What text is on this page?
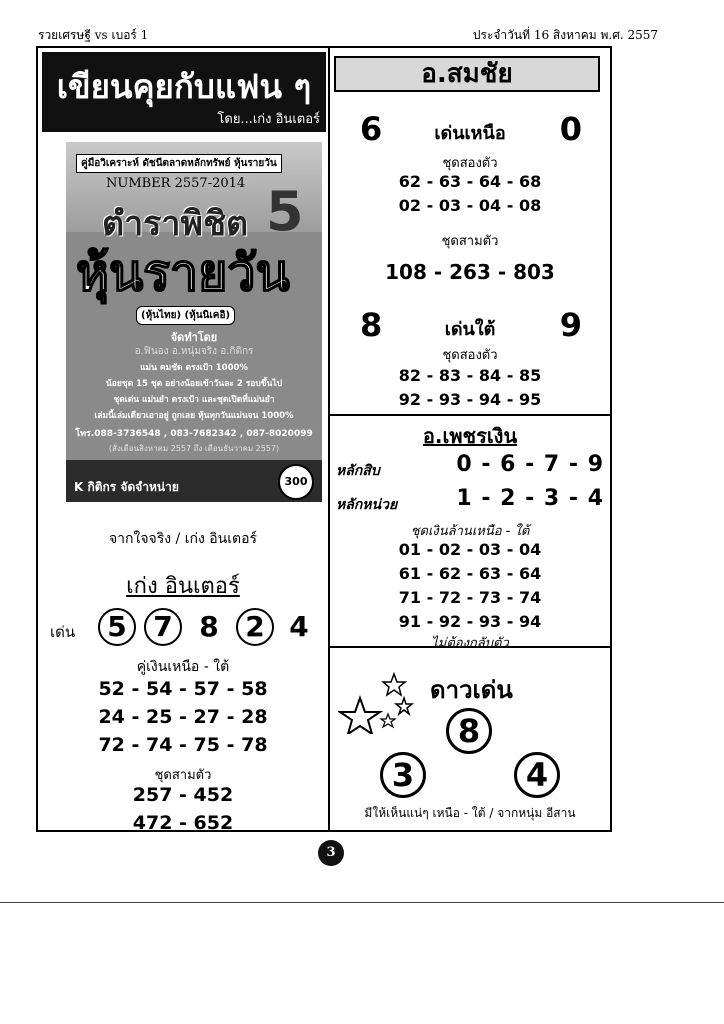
รวยเศรษฐี vs เบอร์ 1	ประจำวันที่ 16 สิงหาคม พ.ศ. 2557
เขียนคุยกับแฟน ๆ
โดย...เก่ง อินเตอร์
คู่มือวิเคราะห์ ดัชนีตลาดหลักทรัพย์ หุ้นรายวัน
NUMBER 2557-2014
ตำราพิชิต 5
หุ้นรายวัน
(หุ้นไทย) (หุ้นนิเคอิ)
จัดทำโดย
อ.ฟินอง อ.หนุ่มจริง อ.กิติกร
แม่น คมชัด ตรงเป้า 1000%
น้อยชุด 15 ชุด อย่างน้อยเข้าวันละ 2 รอบขึ้นไป
ชุดเด่น แม่นยำ ตรงเป้า และชุดเปิดที่แม่นยำ
เล่มนี้เล่มเดียวเอาอยู่ ถูกเลย หุ้นทุกวันแม่นจน 1000%
โทร.088-3736548 , 083-7682342 , 087-8020099
(สั่งเดือนสิงหาคม 2557 ถึง เดือนธันวาคม 2557)
K กิติกร จัดจำหน่าย	300
จากใจจริง / เก่ง อินเตอร์
เก่ง อินเตอร์
เด่น	5 7 8 2 4
คู่เงินเหนือ - ใต้
52 - 54 - 57 - 58
24 - 25 - 27 - 28
72 - 74 - 75 - 78
ชุดสามตัว
257 - 452
472 - 652
อ.สมชัย
6	เด่นเหนือ	0
ชุดสองตัว
62 - 63 - 64 - 68
02 - 03 - 04 - 08
ชุดสามตัว
108 - 263 - 803
8	เด่นใต้	9
ชุดสองตัว
82 - 83 - 84 - 85
92 - 93 - 94 - 95
อ.เพชรเงิน
หลักสิบ	0 - 6 - 7 - 9
หลักหน่วย	1 - 2 - 3 - 4
ชุดเงินล้านเหนือ - ใต้
01 - 02 - 03 - 04
61 - 62 - 63 - 64
71 - 72 - 73 - 74
91 - 92 - 93 - 94
ไม่ต้องกลับตัว
ดาวเด่น
8
3	4
มีให้เห็นแน่ๆ เหนือ - ใต้ / จากหนุ่ม อีสาน
3
